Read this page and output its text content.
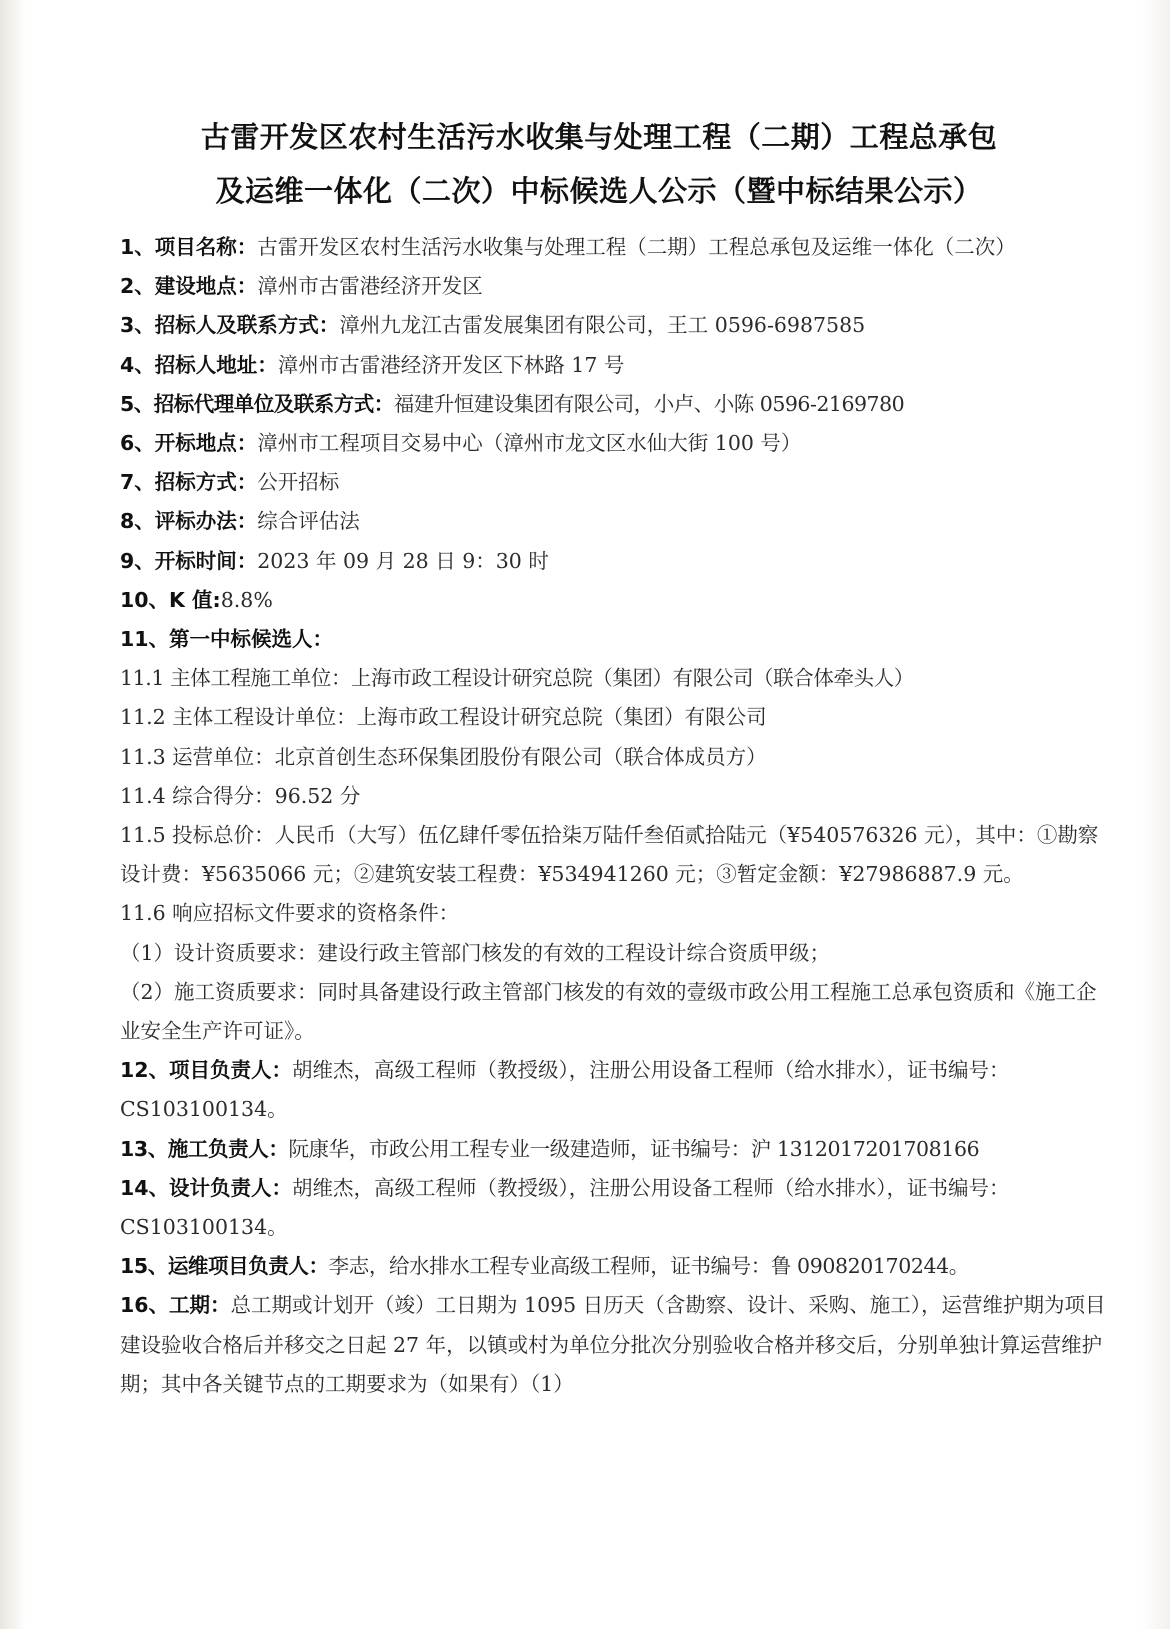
古雷开发区农村生活污水收集与处理工程（二期）工程总承包
及运维一体化（二次）中标候选人公示（暨中标结果公示）
1、项目名称：古雷开发区农村生活污水收集与处理工程（二期）工程总承包及运维一体化（二次）
2、建设地点：漳州市古雷港经济开发区
3、招标人及联系方式：漳州九龙江古雷发展集团有限公司，王工 0596-6987585
4、招标人地址：漳州市古雷港经济开发区下林路 17 号
5、招标代理单位及联系方式：福建升恒建设集团有限公司，小卢、小陈 0596-2169780
6、开标地点：漳州市工程项目交易中心（漳州市龙文区水仙大街 100 号）
7、招标方式：公开招标
8、评标办法：综合评估法
9、开标时间：2023 年 09 月 28 日 9：30 时
10、K 值:8.8%
11、第一中标候选人：
11.1 主体工程施工单位：上海市政工程设计研究总院（集团）有限公司（联合体牵头人）
11.2 主体工程设计单位：上海市政工程设计研究总院（集团）有限公司
11.3 运营单位：北京首创生态环保集团股份有限公司（联合体成员方）
11.4 综合得分：96.52 分
11.5 投标总价：人民币（大写）伍亿肆仟零伍拾柒万陆仟叁佰贰拾陆元（¥540576326 元），其中：①勘察设计费：¥5635066 元；②建筑安装工程费：¥534941260 元；③暂定金额：¥27986887.9 元。
11.6 响应招标文件要求的资格条件：
（1）设计资质要求：建设行政主管部门核发的有效的工程设计综合资质甲级；
（2）施工资质要求：同时具备建设行政主管部门核发的有效的壹级市政公用工程施工总承包资质和《施工企业安全生产许可证》。
12、项目负责人：胡维杰，高级工程师（教授级），注册公用设备工程师（给水排水），证书编号：CS103100134。
13、施工负责人：阮康华，市政公用工程专业一级建造师，证书编号：沪 1312017201708166
14、设计负责人：胡维杰，高级工程师（教授级），注册公用设备工程师（给水排水），证书编号：CS103100134。
15、运维项目负责人：李志，给水排水工程专业高级工程师，证书编号：鲁 090820170244。
16、工期：总工期或计划开（竣）工日期为 1095 日历天（含勘察、设计、采购、施工），运营维护期为项目建设验收合格后并移交之日起 27 年，以镇或村为单位分批次分别验收合格并移交后，分别单独计算运营维护期；其中各关键节点的工期要求为（如果有）（1）
